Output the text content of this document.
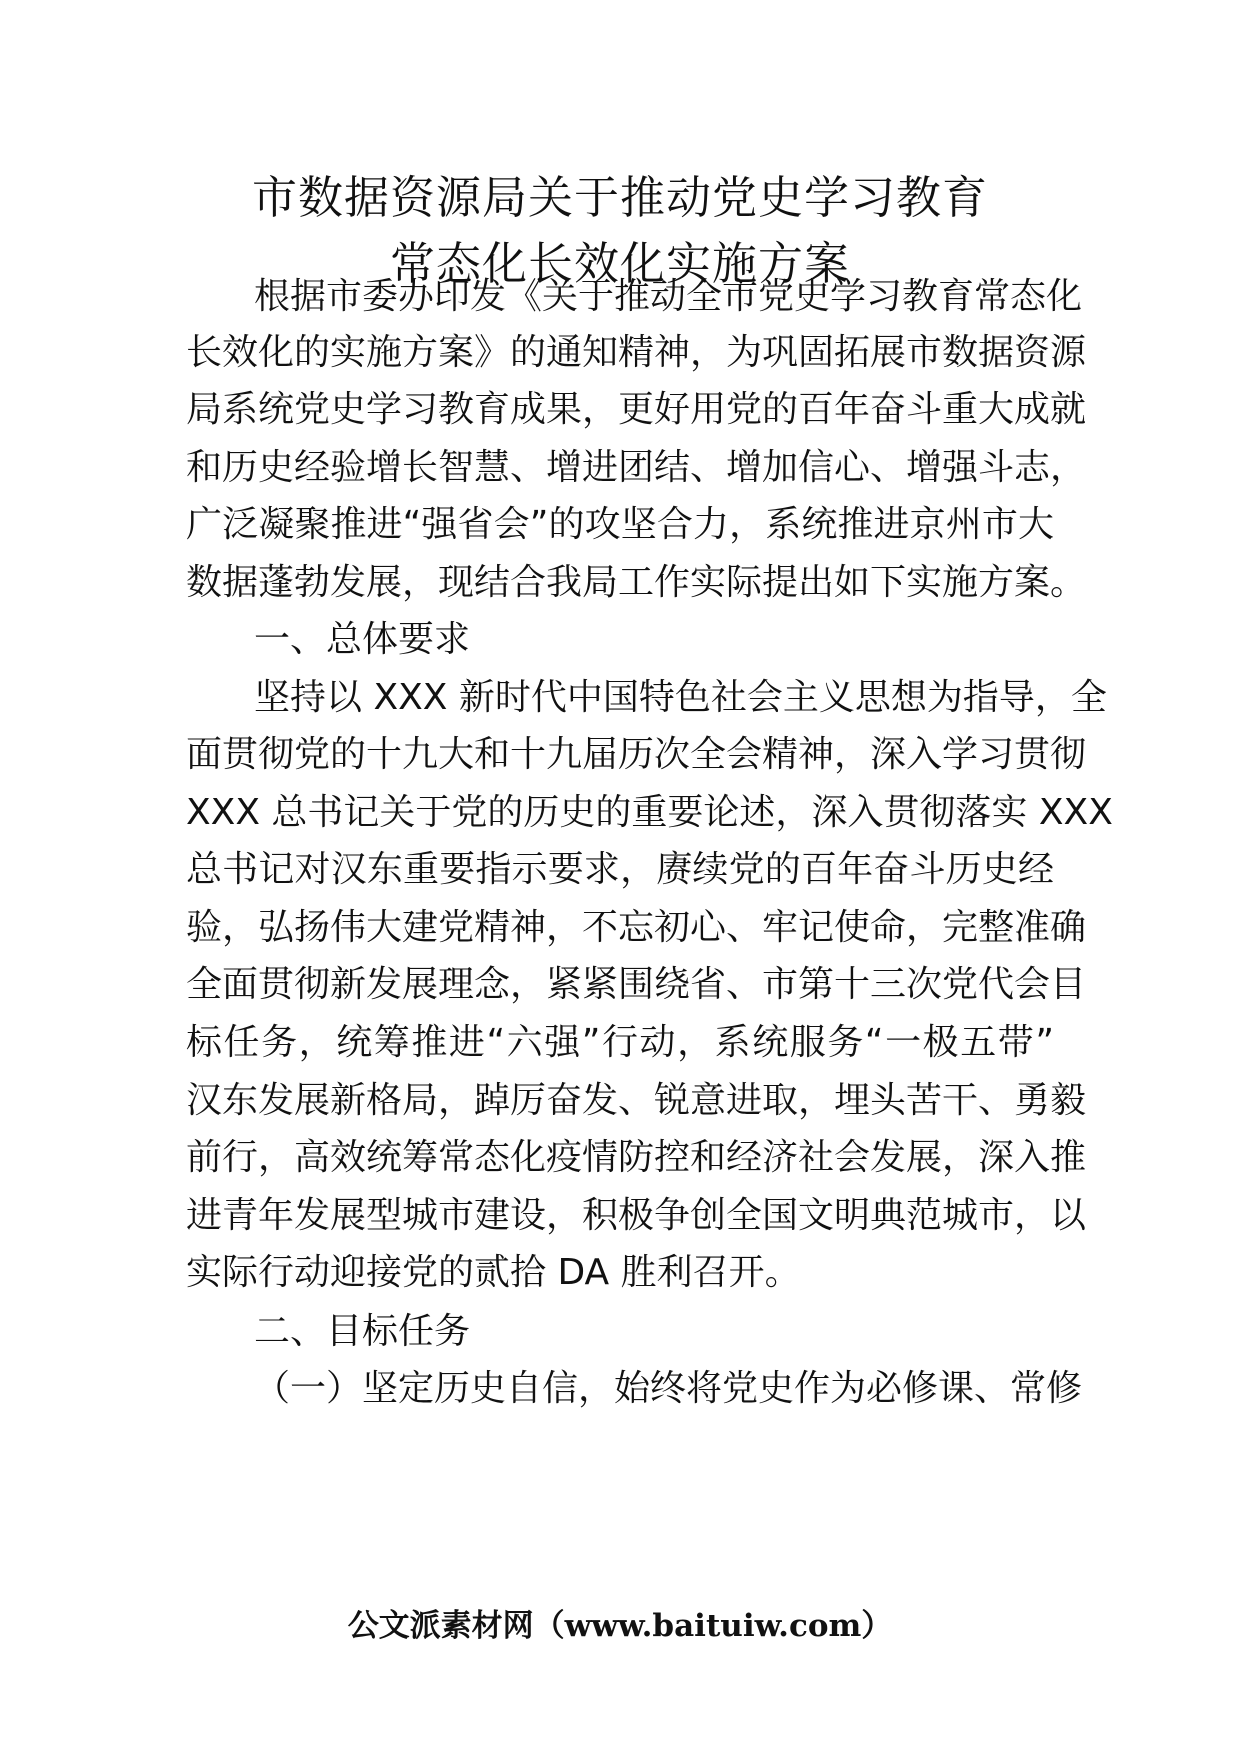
市数据资源局关于推动党史学习教育
常态化长效化实施方案
根据市委办印发《关于推动全市党史学习教育常态化
长效化的实施方案》的通知精神，为巩固拓展市数据资源
局系统党史学习教育成果，更好用党的百年奋斗重大成就
和历史经验增长智慧、增进团结、增加信心、增强斗志，
广泛凝聚推进“强省会”的攻坚合力，系统推进京州市大
数据蓬勃发展，现结合我局工作实际提出如下实施方案。
一、总体要求
坚持以 XXX 新时代中国特色社会主义思想为指导，全
面贯彻党的十九大和十九届历次全会精神，深入学习贯彻
XXX 总书记关于党的历史的重要论述，深入贯彻落实 XXX
总书记对汉东重要指示要求，赓续党的百年奋斗历史经
验，弘扬伟大建党精神，不忘初心、牢记使命，完整准确
全面贯彻新发展理念，紧紧围绕省、市第十三次党代会目
标任务，统筹推进“六强”行动，系统服务“一极五带”
汉东发展新格局，踔厉奋发、锐意进取，埋头苦干、勇毅
前行，高效统筹常态化疫情防控和经济社会发展，深入推
进青年发展型城市建设，积极争创全国文明典范城市，以
实际行动迎接党的贰拾 DA 胜利召开。
二、目标任务
（一）坚定历史自信，始终将党史作为必修课、常修
公文派素材网（www.baituiw.com）
